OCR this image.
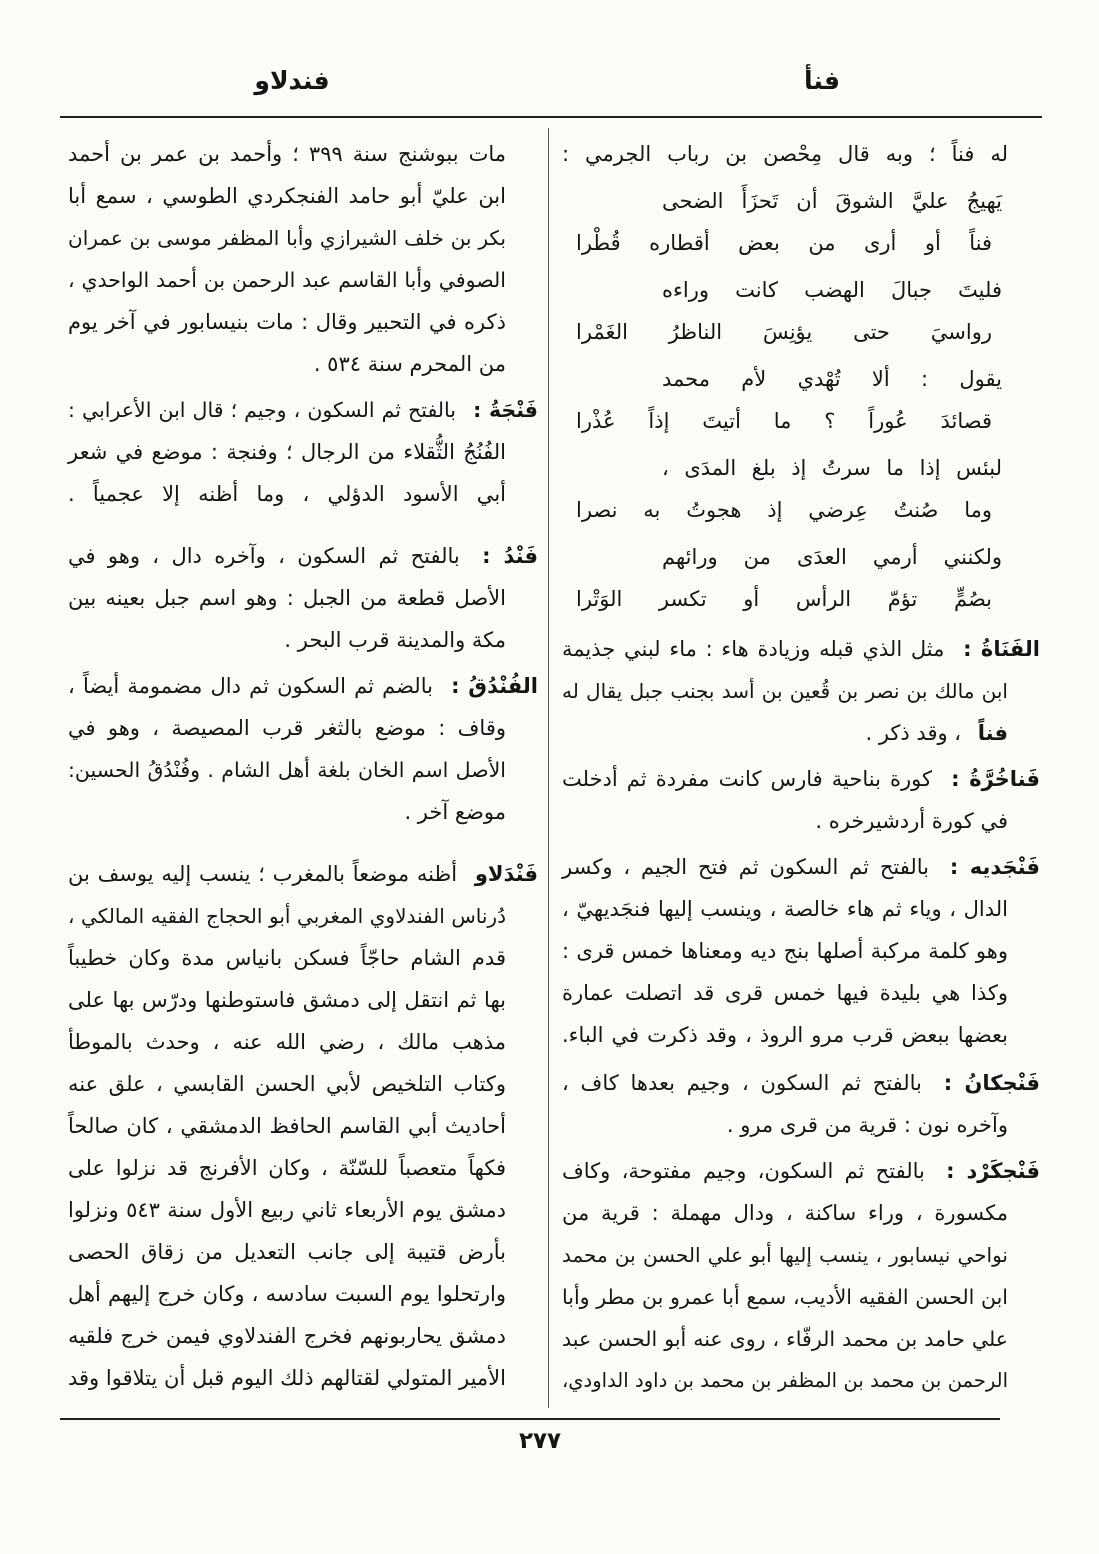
فنأ
فندلاو
له فناً ؛ وبه قال مِحْصن بن رباب الجرمي :
يَهيجُ عليَّ الشوقَ أن تَحزَأَ الضحى
فناً أو أرى من بعض أقطاره قُطْرا
فليتَ جبالَ الهضب كانت وراءه
رواسيَ حتى يؤنِسَ الناظرُ الغَمْرا
يقول : ألا تُهْدي لأم محمد
قصائدَ عُوراً ؟ ما أتيتَ إذاً عُذْرا
لبئس إذا ما سرتُ إذ بلغ المدَى ،
وما صُنتُ عِرضي إذ هجوتُ به نصرا
ولكنني أرمي العدَى من ورائهم
بصُمٍّ تؤمّ الرأس أو تكسر الوَتْرا
الفَنَاةُ : مثل الذي قبله وزيادة هاء : ماء لبني جذيمة
ابن مالك بن نصر بن قُعين بن أسد بجنب جبل يقال له
فناً ، وقد ذكر .
فَناخُرَّةُ : كورة بناحية فارس كانت مفردة ثم أدخلت
في كورة أردشيرخره .
فَنْجَديه : بالفتح ثم السكون ثم فتح الجيم ، وكسر
الدال ، وياء ثم هاء خالصة ، وينسب إليها فنجَديهيّ ،
وهو كلمة مركبة أصلها بنج ديه ومعناها خمس قرى :
وكذا هي بليدة فيها خمس قرى قد اتصلت عمارة
بعضها ببعض قرب مرو الروذ ، وقد ذكرت في الباء.
فَنْجكانُ : بالفتح ثم السكون ، وجيم بعدها كاف ،
وآخره نون : قرية من قرى مرو .
فَنْجكَرْد : بالفتح ثم السكون، وجيم مفتوحة، وكاف
مكسورة ، وراء ساكنة ، ودال مهملة : قرية من
نواحي نيسابور ، ينسب إليها أبو علي الحسن بن محمد
ابن الحسن الفقيه الأديب، سمع أبا عمرو بن مطر وأبا
علي حامد بن محمد الرفّاء ، روى عنه أبو الحسن عبد
الرحمن بن محمد بن المظفر بن محمد بن داود الداودي،
مات ببوشنج سنة ٣٩٩ ؛ وأحمد بن عمر بن أحمد
ابن عليّ أبو حامد الفنجكردي الطوسي ، سمع أبا
بكر بن خلف الشيرازي وأبا المظفر موسى بن عمران
الصوفي وأبا القاسم عبد الرحمن بن أحمد الواحدي ،
ذكره في التحبير وقال : مات بنيسابور في آخر يوم
من المحرم سنة ٥٣٤ .
فَنْجَةُ : بالفتح ثم السكون ، وجيم ؛ قال ابن الأعرابي :
الفُنُجُ الثُّقلاء من الرجال ؛ وفنجة : موضع في شعر
أبي الأسود الدؤلي ، وما أظنه إلا عجمياً .
فَنْدُ : بالفتح ثم السكون ، وآخره دال ، وهو في
الأصل قطعة من الجبل : وهو اسم جبل بعينه بين
مكة والمدينة قرب البحر .
الفُنْدُقُ : بالضم ثم السكون ثم دال مضمومة أيضاً ،
وقاف : موضع بالثغر قرب المصيصة ، وهو في
الأصل اسم الخان بلغة أهل الشام . وفُنْدُقُ الحسين:
موضع آخر .
فَنْدَلاو أظنه موضعاً بالمغرب ؛ ينسب إليه يوسف بن
دُرناس الفندلاوي المغربي أبو الحجاج الفقيه المالكي ،
قدم الشام حاجّاً فسكن بانياس مدة وكان خطيباً
بها ثم انتقل إلى دمشق فاستوطنها ودرّس بها على
مذهب مالك ، رضي الله عنه ، وحدث بالموطأ
وكتاب التلخيص لأبي الحسن القابسي ، علق عنه
أحاديث أبي القاسم الحافظ الدمشقي ، كان صالحاً
فكهاً متعصباً للسّنّة ، وكان الأفرنج قد نزلوا على
دمشق يوم الأربعاء ثاني ربيع الأول سنة ٥٤٣ ونزلوا
بأرض قتيبة إلى جانب التعديل من زقاق الحصى
وارتحلوا يوم السبت سادسه ، وكان خرج إليهم أهل
دمشق يحاربونهم فخرج الفندلاوي فيمن خرج فلقيه
الأمير المتولي لقتالهم ذلك اليوم قبل أن يتلاقوا وقد
٢٧٧
